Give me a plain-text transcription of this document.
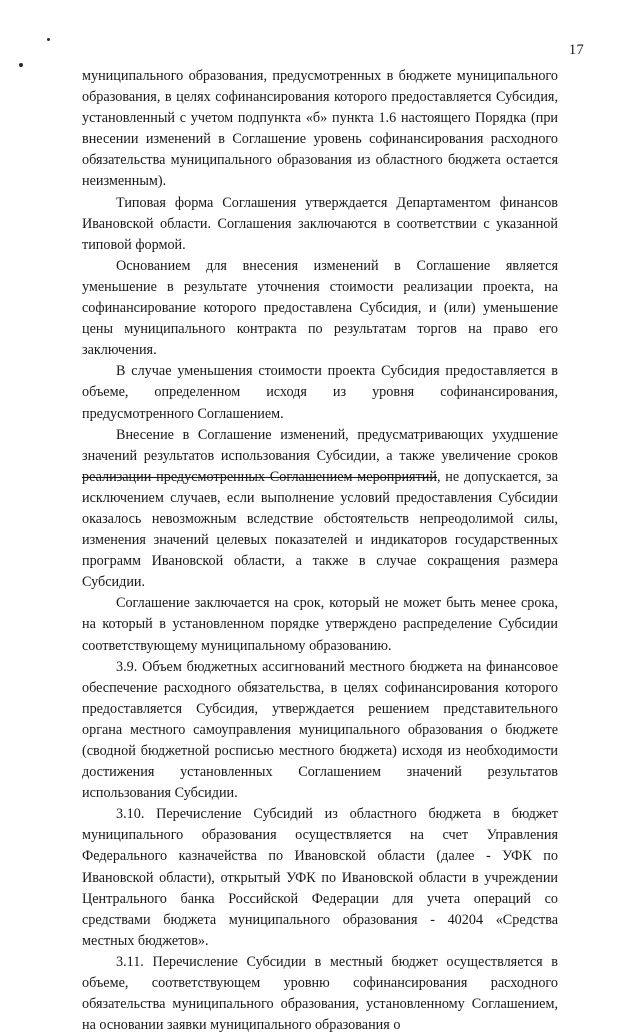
17

муниципального образования, предусмотренных в бюджете муниципального образования, в целях софинансирования которого предоставляется Субсидия, установленный с учетом подпункта «б» пункта 1.6 настоящего Порядка (при внесении изменений в Соглашение уровень софинансирования расходного обязательства муниципального образования из областного бюджета остается неизменным).

Типовая форма Соглашения утверждается Департаментом финансов Ивановской области. Соглашения заключаются в соответствии с указанной типовой формой.

Основанием для внесения изменений в Соглашение является уменьшение в результате уточнения стоимости реализации проекта, на софинансирование которого предоставлена Субсидия, и (или) уменьшение цены муниципального контракта по результатам торгов на право его заключения.

В случае уменьшения стоимости проекта Субсидия предоставляется в объеме, определенном исходя из уровня софинансирования, предусмотренного Соглашением.

Внесение в Соглашение изменений, предусматривающих ухудшение значений результатов использования Субсидии, а также увеличение сроков реализации предусмотренных Соглашением мероприятий, не допускается, за исключением случаев, если выполнение условий предоставления Субсидии оказалось невозможным вследствие обстоятельств непреодолимой силы, изменения значений целевых показателей и индикаторов государственных программ Ивановской области, а также в случае сокращения размера Субсидии.

Соглашение заключается на срок, который не может быть менее срока, на который в установленном порядке утверждено распределение Субсидии соответствующему муниципальному образованию.

3.9. Объем бюджетных ассигнований местного бюджета на финансовое обеспечение расходного обязательства, в целях софинансирования которого предоставляется Субсидия, утверждается решением представительного органа местного самоуправления муниципального образования о бюджете (сводной бюджетной росписью местного бюджета) исходя из необходимости достижения установленных Соглашением значений результатов использования Субсидии.

3.10. Перечисление Субсидий из областного бюджета в бюджет муниципального образования осуществляется на счет Управления Федерального казначейства по Ивановской области (далее - УФК по Ивановской области), открытый УФК по Ивановской области в учреждении Центрального банка Российской Федерации для учета операций со средствами бюджета муниципального образования - 40204 «Средства местных бюджетов».

3.11. Перечисление Субсидии в местный бюджет осуществляется в объеме, соответствующем уровню софинансирования расходного обязательства муниципального образования, установленному Соглашением, на основании заявки муниципального образования о
